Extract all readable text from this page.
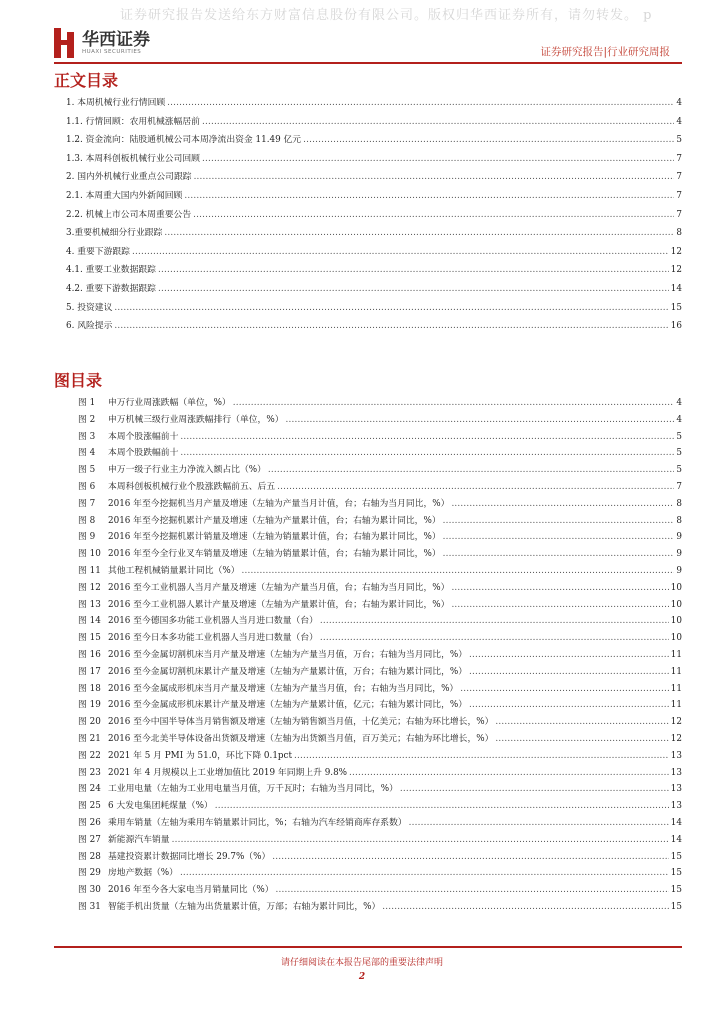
证券研究报告发送给东方财富信息股份有限公司。版权归华西证券所有，请勿转发。 p
华西证券
HUAXI SECURITIES	证券研究报告|行业研究周报
正文目录
1. 本周机械行业行情回顾 .....	4
1.1. 行情回顾：农用机械涨幅居前 .....	4
1.2. 资金流向：陆股通机械公司本周净流出资金 11.49 亿元 .....	5
1.3. 本周科创板机械行业公司回顾 .....	7
2. 国内外机械行业重点公司跟踪 .....	7
2.1. 本周重大国内外新闻回顾 .....	7
2.2. 机械上市公司本周重要公告 .....	7
3.重要机械细分行业跟踪 .....	8
4. 重要下游跟踪 .....	12
4.1. 重要工业数据跟踪 .....	12
4.2. 重要下游数据跟踪 .....	14
5. 投资建议 .....	15
6. 风险提示 .....	16
图目录
图 1	申万行业周涨跌幅（单位，%） .....	4
图 2	申万机械三级行业周涨跌幅排行（单位，%） .....	4
图 3	本周个股涨幅前十 .....	5
图 4	本周个股跌幅前十 .....	5
图 5	申万一级子行业主力净流入额占比（%） .....	5
图 6	本周科创板机械行业个股涨跌幅前五、后五 .....	7
图 7	2016 年至今挖掘机当月产量及增速（左轴为产量当月计值，台；右轴为当月同比，%） .....	8
图 8	2016 年至今挖掘机累计产量及增速（左轴为产量累计值，台；右轴为累计同比，%） .....	8
图 9	2016 年至今挖掘机累计销量及增速（左轴为销量累计值，台；右轴为累计同比，%） .....	9
图 10 2016 年至今全行业叉车销量及增速（左轴为销量累计值，台；右轴为累计同比，%） .....	9
图 11 其他工程机械销量累计同比（%） .....	9
图 12 2016 至今工业机器人当月产量及增速（左轴为产量当月值，台；右轴为当月同比，%） .....	10
图 13 2016 至今工业机器人累计产量及增速（左轴为产量累计值，台；右轴为累计同比，%） .....	10
图 14 2016 至今德国多功能工业机器人当月进口数量（台） .....	10
图 15 2016 至今日本多功能工业机器人当月进口数量（台） .....	10
图 16 2016 至今金属切割机床当月产量及增速（左轴为产量当月值，万台；右轴为当月同比，%） .....	11
图 17 2016 至今金属切割机床累计产量及增速（左轴为产量累计值，万台；右轴为累计同比，%） .....	11
图 18 2016 至今金属成形机床当月产量及增速（左轴为产量当月值，台；右轴为当月同比，%） .....	11
图 19 2016 至今金属成形机床累计产量及增速（左轴为产量累计值，亿元；右轴为累计同比，%） .....	11
图 20 2016 至今中国半导体当月销售额及增速（左轴为销售额当月值，十亿美元；右轴为环比增长，%） .....	12
图 21 2016 至今北美半导体设备出货额及增速（左轴为出货额当月值，百万美元；右轴为环比增长，%） .....	12
图 22 2021 年 5 月 PMI 为 51.0，环比下降 0.1pct .....	13
图 23 2021 年 4 月规模以上工业增加值比 2019 年同期上升 9.8% .....	13
图 24 工业用电量（左轴为工业用电量当月值，万千瓦时；右轴为当月同比，%） .....	13
图 25 6 大发电集团耗煤量（%） .....	13
图 26 乘用车销量（左轴为乘用车销量累计同比，%；右轴为汽车经销商库存系数） .....	14
图 27 新能源汽车销量 .....	14
图 28 基建投资累计数据同比增长 29.7%（%） .....	15
图 29 房地产数据（%） .....	15
图 30 2016 年至今各大家电当月销量同比（%） .....	15
图 31 智能手机出货量（左轴为出货量累计值，万部；右轴为累计同比，%） .....	15
请仔细阅读在本报告尾部的重要法律声明
2
